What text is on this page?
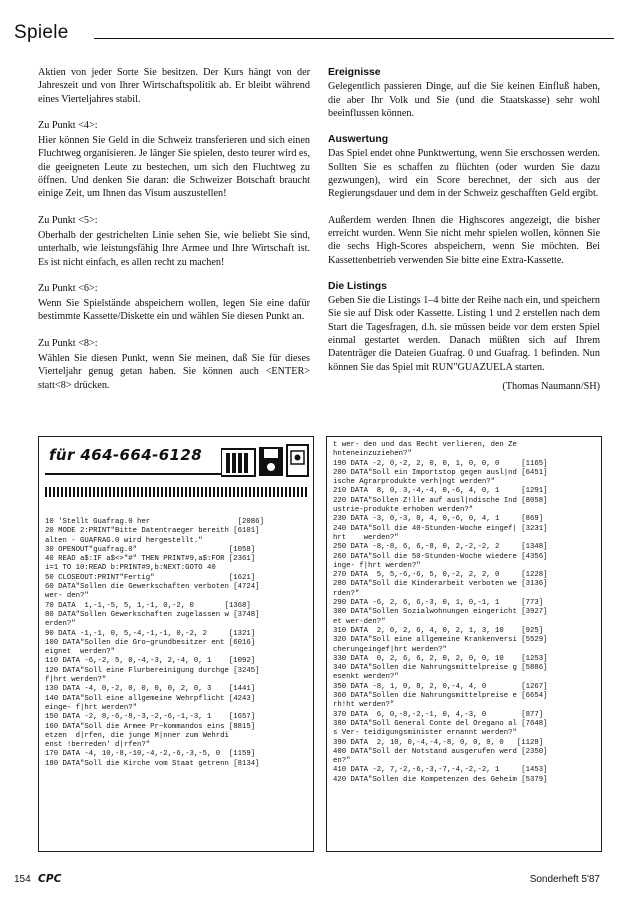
Spiele

Aktien von jeder Sorte Sie besitzen. Der Kurs hängt von der Jahreszeit und von Ihrer Wirtschaftspolitik ab. Er bleibt während eines Vierteljahres stabil.

Zu Punkt <4>:

Hier können Sie Geld in die Schweiz transferieren und sich einen Fluchtweg organisieren. Je länger Sie spielen, desto teurer wird es, die geeigneten Leute zu bestechen, um sich den Fluchtweg zu öffnen. Und denken Sie daran: die Schweizer Botschaft braucht einige Zeit, um Ihnen das Visum auszustellen!

Zu Punkt <5>:

Oberhalb der gestrichelten Linie sehen Sie, wie beliebt Sie sind, unterhalb, wie leistungsfähig Ihre Armee und Ihre Wirtschaft ist. Es ist nicht einfach, es allen recht zu machen!

Zu Punkt <6>:

Wenn Sie Spielstände abspeichern wollen, legen Sie eine dafür bestimmte Kassette/Diskette ein und wählen Sie diesen Punkt an.

Zu Punkt <8>:

Wählen Sie diesen Punkt, wenn Sie meinen, daß Sie für dieses Vierteljahr genug getan haben. Sie können auch <ENTER> statt<8> drücken.

Ereignisse

Gelegentlich passieren Dinge, auf die Sie keinen Einfluß haben, die aber Ihr Volk und Sie (und die Staatskasse) sehr wohl beeinflussen können.

Auswertung

Das Spiel endet ohne Punktwertung, wenn Sie erschossen werden. Sollten Sie es schaffen zu flüchten (oder wurden Sie dazu gezwungen), wird ein Score berechnet, der sich aus der Regierungsdauer und dem in der Schweiz geschafften Geld ergibt.

Außerdem werden Ihnen die Highscores angezeigt, die bisher erreicht wurden. Wenn Sie nicht mehr spielen wollen, können Sie die sechs High-Scores abspeichern, wenn Sie möchten. Bei Kassettenbetrieb verwenden Sie bitte eine Extra-Kassette.

Die Listings

Geben Sie die Listings 1–4 bitte der Reihe nach ein, und speichern Sie sie auf Disk oder Kassette. Listing 1 und 2 erstellen nach dem Start die Tagesfragen, d.h. sie müssen beide vor dem ersten Spiel einmal gestartet werden. Danach müßten sich auf Ihrem Datenträger die Dateien Guafrag. 0 und Guafrag. 1 befinden. Nun können Sie das Spiel mit RUN"GUAZUELA starten.

(Thomas Naumann/SH)
für 464-664-6128
10 'Stellt Guafrag.0 her                    [2086]
20 MODE 2:PRINT"Bitte Datentraeger bereith [6101]
alten - GUAFRAG.0 wird hergestellt."
30 OPENOUT"guafrag.0"                     [1058]
40 READ a$:IF a$<>"#" THEN PRINT#9,a$:FOR [2361]
i=1 TO 10:READ b:PRINT#9,b:NEXT:GOTO 40
50 CLOSEOUT:PRINT"Fertig"                 [1621]
60 DATA"Sollen die Gewerkschaften verboten [4724]
wer- den?"
70 DATA  1,-1,-5, 5, 1,-1, 0,-2, 0       [1368]
80 DATA"Sollen Gewerkschaften zugelassen w [3748]
erden?"
90 DATA -1,-1, 0, 5,-4,-1,-1, 0,-2, 2     [1321]
100 DATA"Sollen die Gro~grundbesitzer ent [6016]
eignet  werden?"
110 DATA -6,-2, 5, 0,-4,-3, 2,-4, 0, 1    [1092]
120 DATA"Soll eine Flurbereinigung durchge [3245]
f|hrt werden?"
130 DATA -4, 0,-2, 0, 0, 0, 0, 2, 0, 3    [1441]
140 DATA"Soll eine allgemeine Wehrpflicht [4243]
einge- f|hrt werden?"
150 DATA -2, 8,-6,-8,-3,-2,-6,-1,-3, 1    [1657]
160 DATA"Soll die Armee Pr~kommandos eins [8815]
etzen  d|rfen, die junge M|nner zum Wehrdi
enst !berreden' d|rfen?"
170 DATA -4, 10,-8,-10,-4,-2,-6,-3,-5, 0  [1159]
180 DATA"Soll die Kirche vom Staat getrenn [8134]
t wer- den und das Recht verlieren, den Ze
hnteneinzuziehen?"
190 DATA -2, 0,-2, 2, 0, 0, 1, 0, 0, 0     [1165]
200 DATA"Soll ein Importstop gegen ausl|nd [6451]
ische Agrarprodukte verh|ngt werden?"
210 DATA  8, 0, 3,-4,-4, 0,-6, 4, 0, 1     [1291]
220 DATA"Sollen Z!lle auf ausl|ndische Ind [8058]
ustrie-produkte erhoben werden?"
230 DATA -3, 0,-3, 0, 4, 0,-6, 0, 4, 1     [869]
240 DATA"Soll die 40-Stunden-Woche eingef| [3231]
hrt    werden?"
250 DATA -8,-8, 6, 6,-8, 0, 2,-2,-2, 2     [1348]
260 DATA"Soll die 50-Stunden-Woche wiedere [4356]
inge- f|hrt werden?"
270 DATA  5, 5,-6,-6, 5, 0,-2, 2, 2, 0     [1228]
280 DATA"Soll die Kinderarbeit verboten we [3136]
rden?"
290 DATA -6, 2, 6, 6,-3, 0, 1, 0,-1, 1     [773]
300 DATA"Sollen Sozialwohnungen eingericht [3927]
et wer-den?"
310 DATA  2, 0, 2, 6, 4, 0, 2, 1, 3, 10    [925]
320 DATA"Soll eine allgemeine Krankenversi [5529]
cherungeingef|hrt werden?"
330 DATA  0, 2, 6, 6, 2, 0, 2, 0, 0, 10    [1253]
340 DATA"Sollen die Nahrungsmittelpreise g [5886]
esenkt werden?"
350 DATA -8, 1, 0, 8, 2, 0,-4, 4, 0        [1267]
360 DATA"Sollen die Nahrungsmittelpreise e [6654]
rh!ht werden?"
370 DATA  6, 0,-8,-2,-1, 0, 4,-3, 0        [877]
380 DATA"Soll General Conte del Oregano al [7648]
s Ver- teidigungsminister ernannt werden?"
390 DATA  2, 10, 0,-4,-4,-8, 0, 0, 0, 0   [1128]
400 DATA"Soll der Notstand ausgerufen werd [2350]
en?"
410 DATA -2, 7,-2,-6,-3,-7,-4,-2,-2, 1     [1453]
420 DATA"Sollen die Kompetenzen des Geheim [5379]
154 CPC	Sonderheft 5'87
